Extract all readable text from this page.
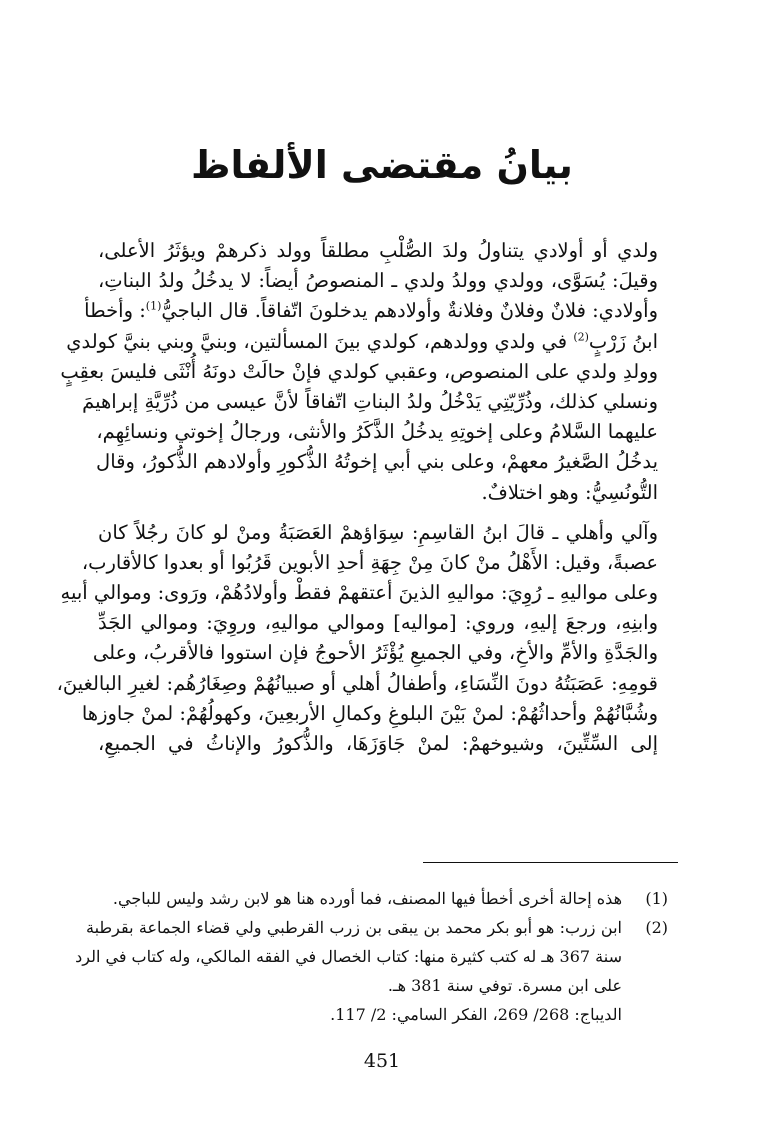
بيانُ مقتضى الألفاظ

ولدي أو أولادي يتناولُ ولدَ الصُّلْبِ مطلقاً وولد ذكرهمْ ويؤثَرُ الأعلى،
وقيلَ: يُسَوَّى، وولدي وولدُ ولدي ـ المنصوصُ أيضاً: لا يدخُلُ ولدُ البناتِ،
وأولادي: فلانٌ وفلانٌ وفلانةٌ وأولادهم يدخلونَ اتّفاقاً. قال الباجيُّ$^{(1)}$: وأخطأ
ابنُ زَرْبٍ$^{(2)}$ في ولدي وولدهم، كولدي بينَ المسألتين، وبنيَّ وبني بنيَّ كولدي
وولدِ ولدي على المنصوص، وعقبي كولدي فإنْ حالَتْ دونَهُ أُنْثَى فليسَ بعقِبٍ
ونسلي كذلك، وذُرِّيّتِي يَدْخُلُ ولدُ البناتِ اتّفاقاً لأنَّ عيسى من ذُرِّيَّةِ إبراهيمَ
عليهما السَّلامُ وعلى إخوتِهِ يدخُلُ الذَّكَرُ والأنثى، ورجالُ إخوتي ونسائِهِم،
يدخُلُ الصَّغيرُ معهمْ، وعلى بني أبي إخوتُهُ الذُّكورِ وأولادهم الذُّكورُ، وقال
التُّونُسِيُّ: وهو اختلافٌ.

وآلي وأهلي ـ قالَ ابنُ القاسِمِ: سِوَاؤهمْ العَصَبَةُ ومنْ لو كانَ رجُلاً كان
عصبةً، وقيل: الأَهْلُ منْ كانَ مِنْ جِهَةِ أحدِ الأبوين قَرُبُوا أو بعدوا كالأقارب،
وعلى مواليهِ ـ رُوِيَ: مواليهِ الذينَ أعتقهمْ فقطْ وأولادُهُمْ، ورَوى: وموالي أبيهِ
وابنِهِ، ورجعَ إليهِ، وروي: [مواليه] وموالي مواليهِ، وروِيَ: وموالي الجَدِّ
والجَدَّةِ والأمِّ والأخِ، وفي الجميعِ يُؤْثَرُ الأحوجُ فإن استووا فالأقربُ، وعلى
قومِهِ: عَصَبَتُهُ دونَ النِّسَاءِ، وأطفالُ أهلي أو صبيانُهُمْ وصِغَارُهُم: لغيرِ البالغينَ،
وشُبَّانُهُمْ وأحداثُهُمْ: لمنْ بَيْنَ البلوغِ وكمالِ الأربعِينَ، وكهولُهُمْ: لمنْ جاوزها
إلى السِّتِّينَ، وشيوخهمْ: لمنْ جَاوَزَهَا، والذُّكورُ والإناثُ في الجميعِ،

(1)
هذه إحالة أخرى أخطأ فيها المصنف، فما أورده هنا هو لابن رشد وليس للباجي.
(2)
ابن زرب: هو أبو بكر محمد بن يبقى بن زرب القرطبي ولي قضاء الجماعة بقرطبة
سنة 367 هـ له كتب كثيرة منها: كتاب الخصال في الفقه المالكي، وله كتاب في الرد
على ابن مسرة. توفي سنة 381 هـ.
الديباج: 268/ 269، الفكر السامي: 2/ 117.
451
